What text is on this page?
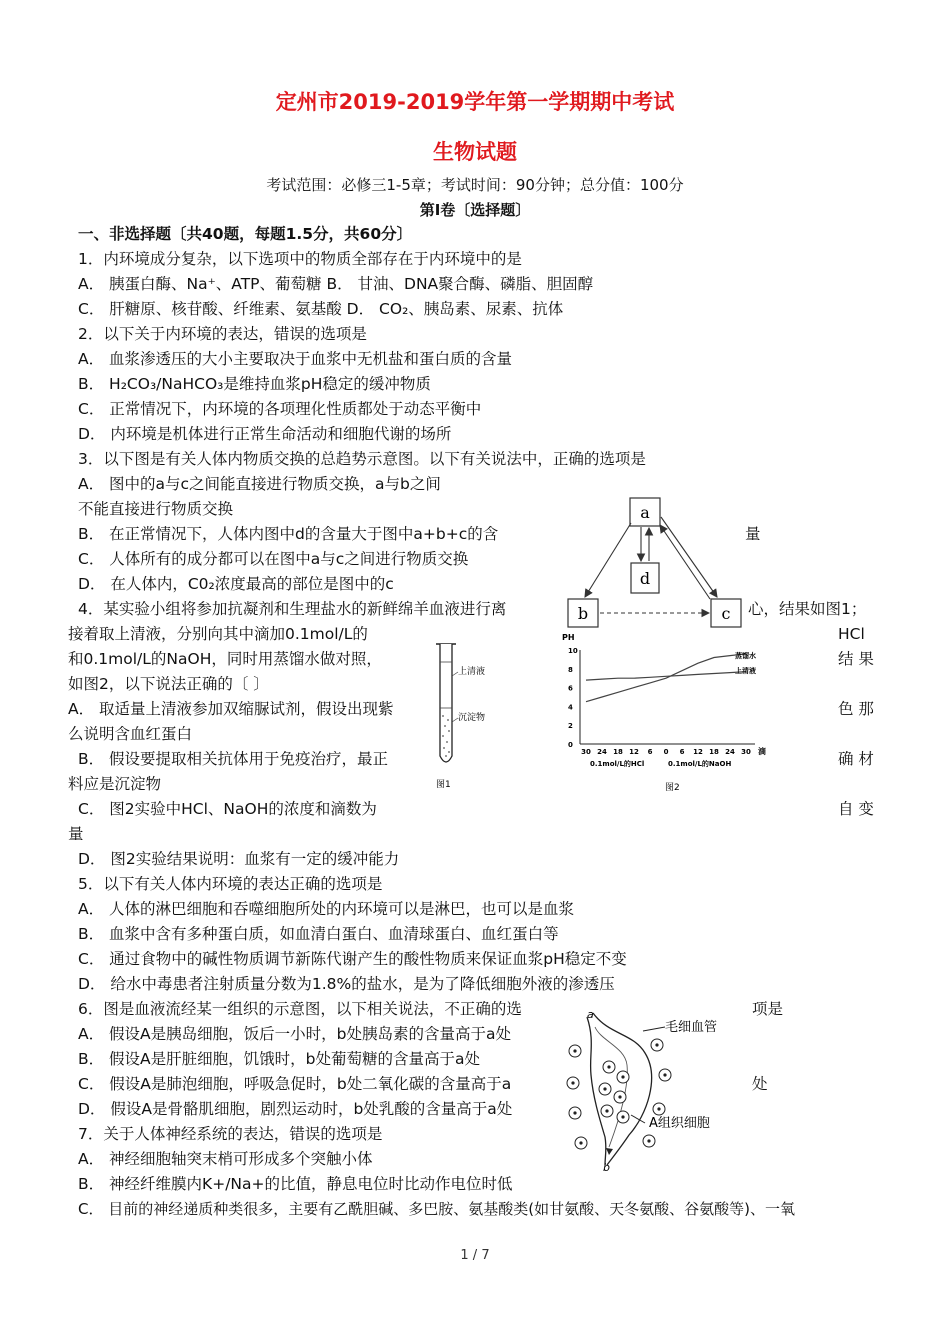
定州市2019-2019学年第一学期期中考试
生物试题
考试范围：必修三1-5章；考试时间：90分钟；总分值：100分
第Ⅰ卷〔选择题〕
一、非选择题〔共40题，每题1.5分，共60分〕
1．内环境成分复杂，以下选项中的物质全部存在于内环境中的是
A． 胰蛋白酶、Na⁺、ATP、葡萄糖 B． 甘油、DNA聚合酶、磷脂、胆固醇
C． 肝糖原、核苷酸、纤维素、氨基酸 D． CO₂、胰岛素、尿素、抗体
2．以下关于内环境的表达，错误的选项是
A． 血浆渗透压的大小主要取决于血浆中无机盐和蛋白质的含量
B． H₂CO₃/NaHCO₃是维持血浆pH稳定的缓冲物质
C． 正常情况下，内环境的各项理化性质都处于动态平衡中
D． 内环境是机体进行正常生命活动和细胞代谢的场所
3．以下图是有关人体内物质交换的总趋势示意图。以下有关说法中，正确的选项是
A． 图中的a与c之间能直接进行物质交换，a与b之间
不能直接进行物质交换
B． 在正常情况下，人体内图中d的含量大于图中a+b+c的含	量
C． 人体所有的成分都可以在图中a与c之间进行物质交换
D． 在人体内，C0₂浓度最高的部位是图中的c
4．某实验小组将参加抗凝剂和生理盐水的新鲜绵羊血液进行离	心，结果如图1；
接着取上清液，分别向其中滴加0.1mol/L的	HCl
和0.1mol/L的NaOH，同时用蒸馏水做对照，	结 果
如图2，以下说法正确的〔 〕
A． 取适量上清液参加双缩脲试剂，假设出现紫	色 那
么说明含血红蛋白
B． 假设要提取相关抗体用于免疫治疗，最正	确 材
料应是沉淀物
C． 图2实验中HCl、NaOH的浓度和滴数为	自 变
量
D． 图2实验结果说明：血浆有一定的缓冲能力
5．以下有关人体内环境的表达正确的选项是
A． 人体的淋巴细胞和吞噬细胞所处的内环境可以是淋巴，也可以是血浆
B． 血浆中含有多种蛋白质，如血清白蛋白、血清球蛋白、血红蛋白等
C． 通过食物中的碱性物质调节新陈代谢产生的酸性物质来保证血浆pH稳定不变
D． 给水中毒患者注射质量分数为1.8%的盐水，是为了降低细胞外液的渗透压
6．图是血液流经某一组织的示意图，以下相关说法，不正确的选	项是
A． 假设A是胰岛细胞，饭后一小时，b处胰岛素的含量高于a处
B． 假设A是肝脏细胞，饥饿时，b处葡萄糖的含量高于a处
C． 假设A是肺泡细胞，呼吸急促时，b处二氧化碳的含量高于a	处
D． 假设A是骨骼肌细胞，剧烈运动时，b处乳酸的含量高于a处
7．关于人体神经系统的表达，错误的选项是
A． 神经细胞轴突末梢可形成多个突触小体
B． 神经纤维膜内K+/Na+的比值，静息电位时比动作电位时低
C． 目前的神经递质种类很多，主要有乙酰胆碱、多巴胺、氨基酸类(如甘氨酸、天冬氨酸、谷氨酸等)、一氧
a
d
b	c
上清液
沉淀物
图1
PH
10
8
6
4
2
0
30 24 18 12 6 0 6 12 18 24 30 滴
0.1mol/L的HCl	0.1mol/L的NaOH
蒸馏水
上清液
图2
a
b
毛细血管
A组织细胞
1 / 7
